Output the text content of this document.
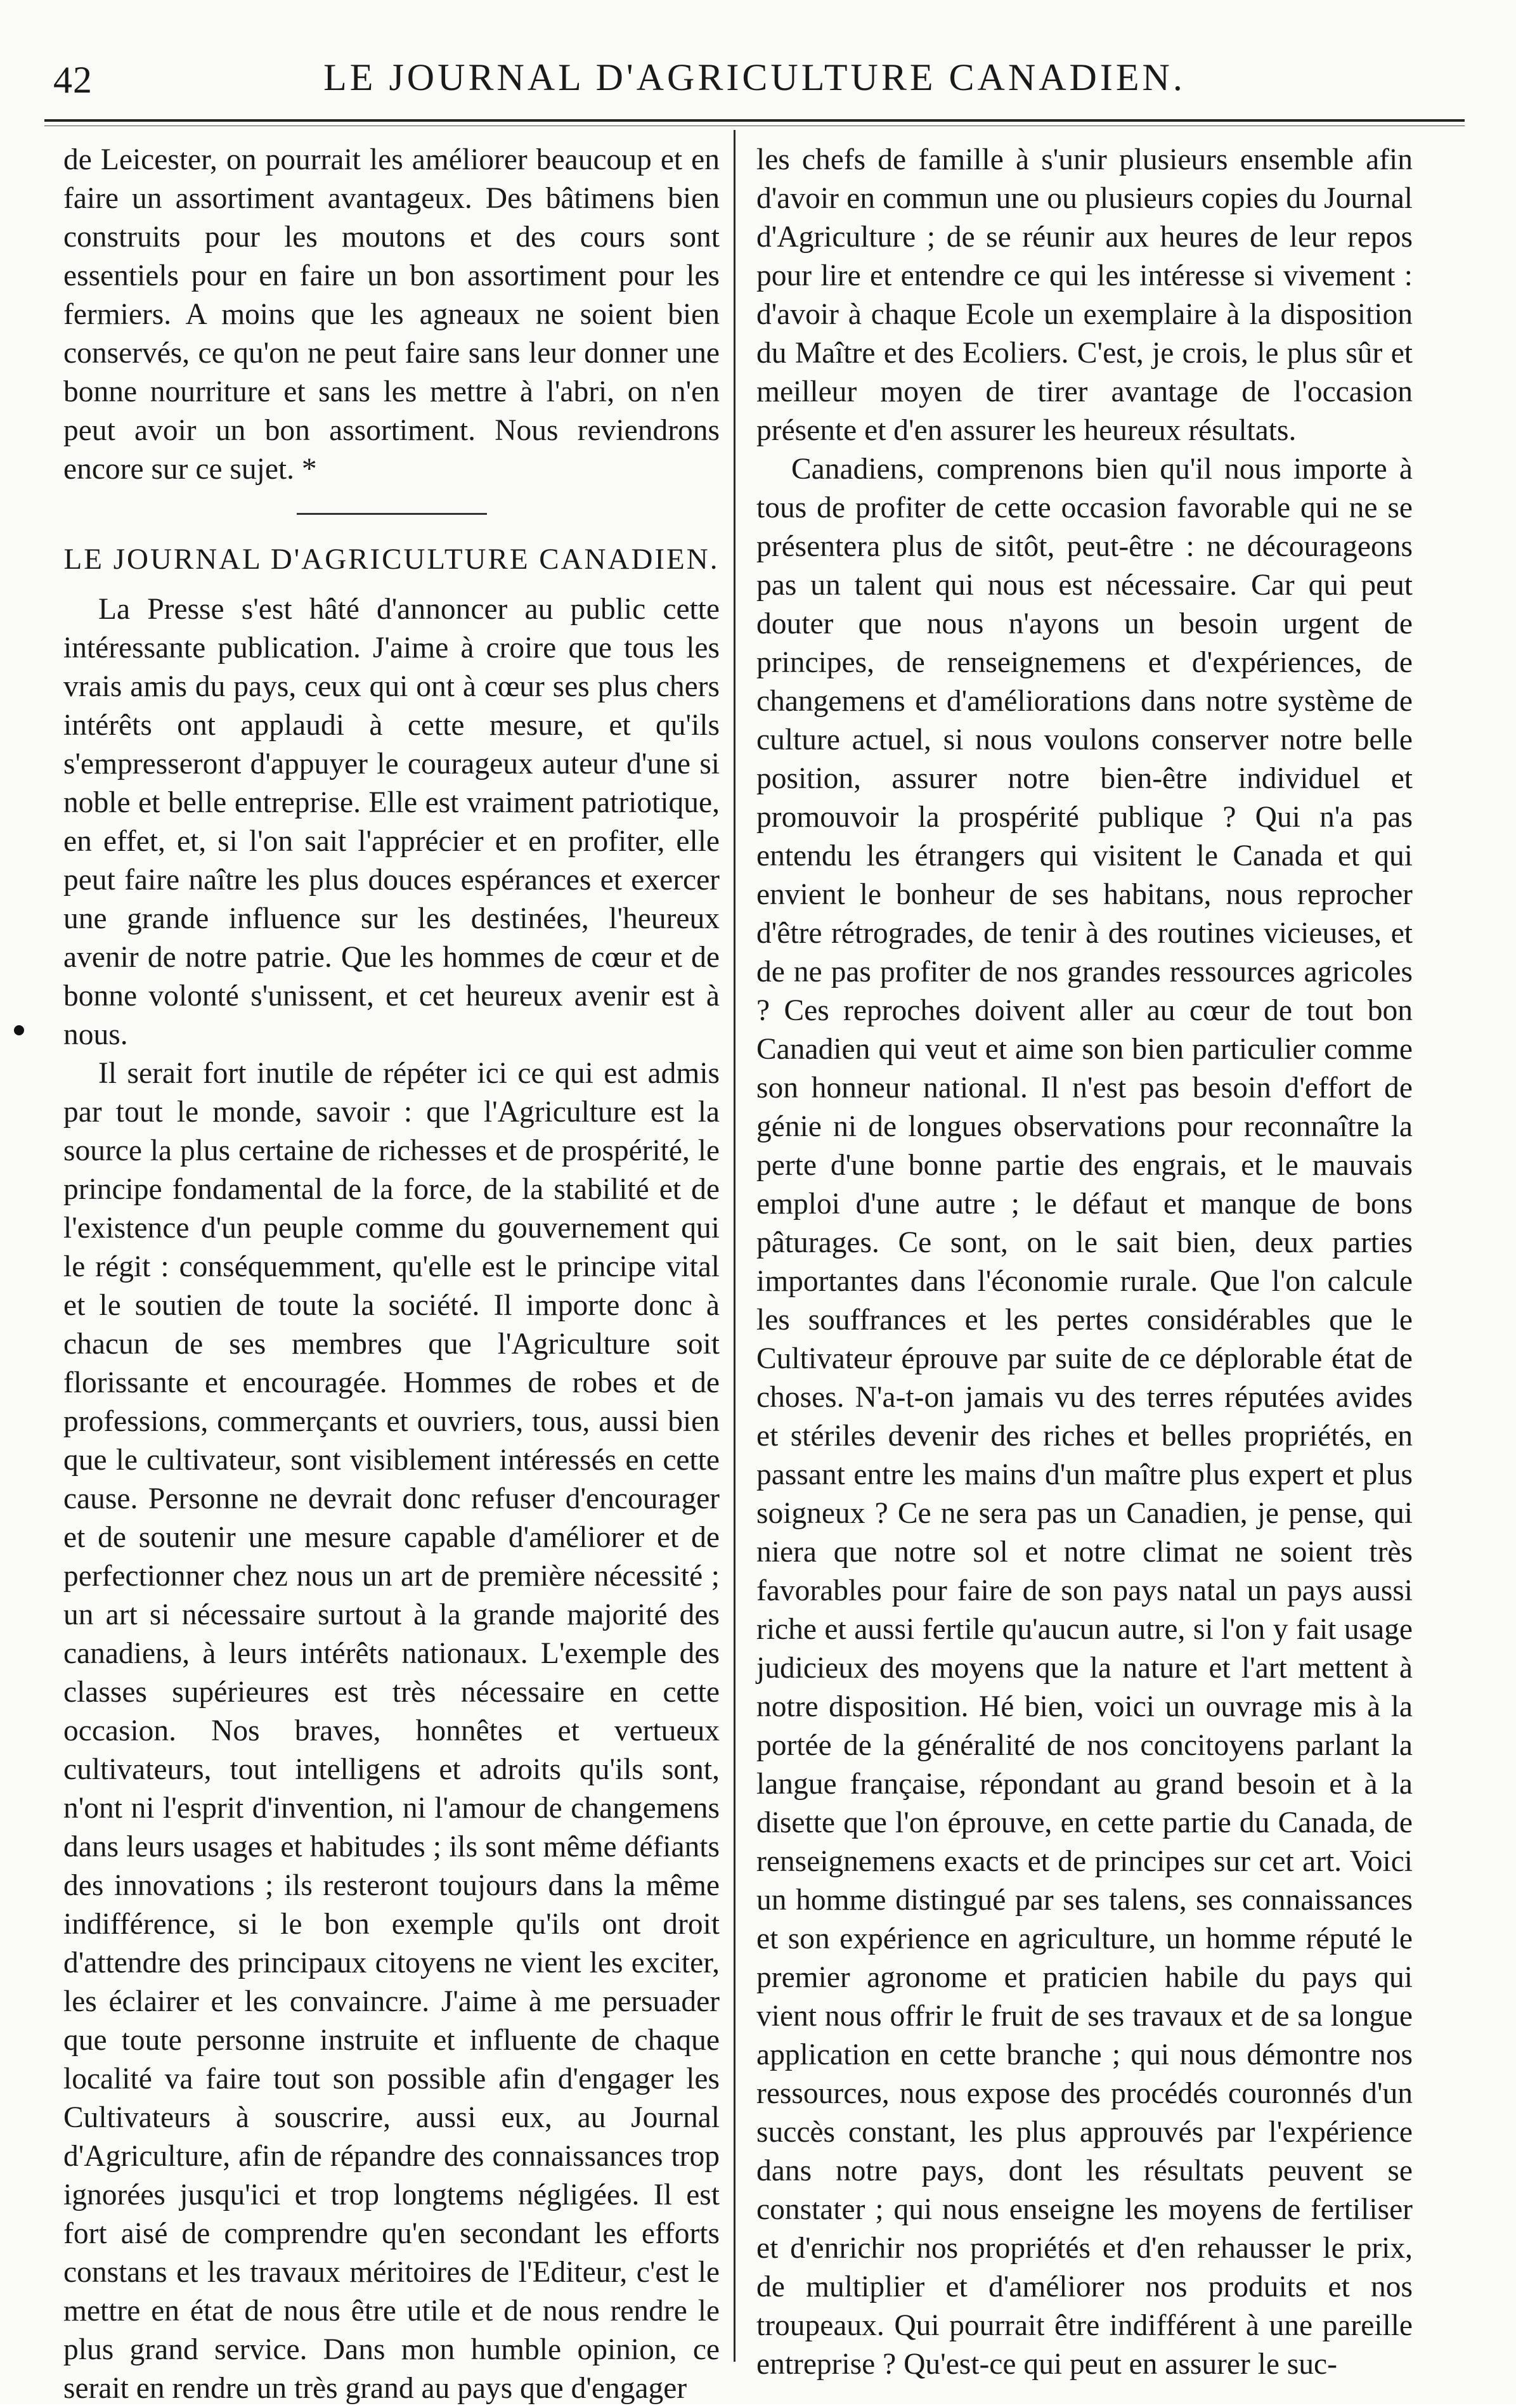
42	LE JOURNAL D'AGRICULTURE CANADIEN.

de Leicester, on pourrait les améliorer beaucoup et en faire un assortiment avantageux. Des bâtimens bien construits pour les moutons et des cours sont essentiels pour en faire un bon assortiment pour les fermiers. A moins que les agneaux ne soient bien conservés, ce qu'on ne peut faire sans leur donner une bonne nourriture et sans les mettre à l'abri, on n'en peut avoir un bon assortiment. Nous reviendrons encore sur ce sujet. *

LE JOURNAL D'AGRICULTURE CANADIEN.

La Presse s'est hâté d'annoncer au public cette intéressante publication. J'aime à croire que tous les vrais amis du pays, ceux qui ont à cœur ses plus chers intérêts ont applaudi à cette mesure, et qu'ils s'empresseront d'appuyer le courageux auteur d'une si noble et belle entreprise. Elle est vraiment patriotique, en effet, et, si l'on sait l'apprécier et en profiter, elle peut faire naître les plus douces espérances et exercer une grande influence sur les destinées, l'heureux avenir de notre patrie. Que les hommes de cœur et de bonne volonté s'unissent, et cet heureux avenir est à nous.

Il serait fort inutile de répéter ici ce qui est admis par tout le monde, savoir : que l'Agriculture est la source la plus certaine de richesses et de prospérité, le principe fondamental de la force, de la stabilité et de l'existence d'un peuple comme du gouvernement qui le régit : conséquemment, qu'elle est le principe vital et le soutien de toute la société. Il importe donc à chacun de ses membres que l'Agriculture soit florissante et encouragée. Hommes de robes et de professions, commerçants et ouvriers, tous, aussi bien que le cultivateur, sont visiblement intéressés en cette cause. Personne ne devrait donc refuser d'encourager et de soutenir une mesure capable d'améliorer et de perfectionner chez nous un art de première nécessité ; un art si nécessaire surtout à la grande majorité des canadiens, à leurs intérêts nationaux. L'exemple des classes supérieures est très nécessaire en cette occasion. Nos braves, honnêtes et vertueux cultivateurs, tout intelligens et adroits qu'ils sont, n'ont ni l'esprit d'invention, ni l'amour de changemens dans leurs usages et habitudes ; ils sont même défiants des innovations ; ils resteront toujours dans la même indifférence, si le bon exemple qu'ils ont droit d'attendre des principaux citoyens ne vient les exciter, les éclairer et les convaincre. J'aime à me persuader que toute personne instruite et influente de chaque localité va faire tout son possible afin d'engager les Cultivateurs à souscrire, aussi eux, au Journal d'Agriculture, afin de répandre des connaissances trop ignorées jusqu'ici et trop longtems négligées. Il est fort aisé de comprendre qu'en secondant les efforts constans et les travaux méritoires de l'Editeur, c'est le mettre en état de nous être utile et de nous rendre le plus grand service. Dans mon humble opinion, ce serait en rendre un très grand au pays que d'engager

les chefs de famille à s'unir plusieurs ensemble afin d'avoir en commun une ou plusieurs copies du Journal d'Agriculture ; de se réunir aux heures de leur repos pour lire et entendre ce qui les intéresse si vivement : d'avoir à chaque Ecole un exemplaire à la disposition du Maître et des Ecoliers. C'est, je crois, le plus sûr et meilleur moyen de tirer avantage de l'occasion présente et d'en assurer les heureux résultats.

Canadiens, comprenons bien qu'il nous importe à tous de profiter de cette occasion favorable qui ne se présentera plus de sitôt, peut-être : ne décourageons pas un talent qui nous est nécessaire. Car qui peut douter que nous n'ayons un besoin urgent de principes, de renseignemens et d'expériences, de changemens et d'améliorations dans notre système de culture actuel, si nous voulons conserver notre belle position, assurer notre bien-être individuel et promouvoir la prospérité publique ? Qui n'a pas entendu les étrangers qui visitent le Canada et qui envient le bonheur de ses habitans, nous reprocher d'être rétrogrades, de tenir à des routines vicieuses, et de ne pas profiter de nos grandes ressources agricoles ? Ces reproches doivent aller au cœur de tout bon Canadien qui veut et aime son bien particulier comme son honneur national. Il n'est pas besoin d'effort de génie ni de longues observations pour reconnaître la perte d'une bonne partie des engrais, et le mauvais emploi d'une autre ; le défaut et manque de bons pâturages. Ce sont, on le sait bien, deux parties importantes dans l'économie rurale. Que l'on calcule les souffrances et les pertes considérables que le Cultivateur éprouve par suite de ce déplorable état de choses. N'a-t-on jamais vu des terres réputées avides et stériles devenir des riches et belles propriétés, en passant entre les mains d'un maître plus expert et plus soigneux ? Ce ne sera pas un Canadien, je pense, qui niera que notre sol et notre climat ne soient très favorables pour faire de son pays natal un pays aussi riche et aussi fertile qu'aucun autre, si l'on y fait usage judicieux des moyens que la nature et l'art mettent à notre disposition. Hé bien, voici un ouvrage mis à la portée de la généralité de nos concitoyens parlant la langue française, répondant au grand besoin et à la disette que l'on éprouve, en cette partie du Canada, de renseignemens exacts et de principes sur cet art. Voici un homme distingué par ses talens, ses connaissances et son expérience en agriculture, un homme réputé le premier agronome et praticien habile du pays qui vient nous offrir le fruit de ses travaux et de sa longue application en cette branche ; qui nous démontre nos ressources, nous expose des procédés couronnés d'un succès constant, les plus approuvés par l'expérience dans notre pays, dont les résultats peuvent se constater ; qui nous enseigne les moyens de fertiliser et d'enrichir nos propriétés et d'en rehausser le prix, de multiplier et d'améliorer nos produits et nos troupeaux. Qui pourrait être indifférent à une pareille entreprise ? Qu'est-ce qui peut en assurer le suc-
